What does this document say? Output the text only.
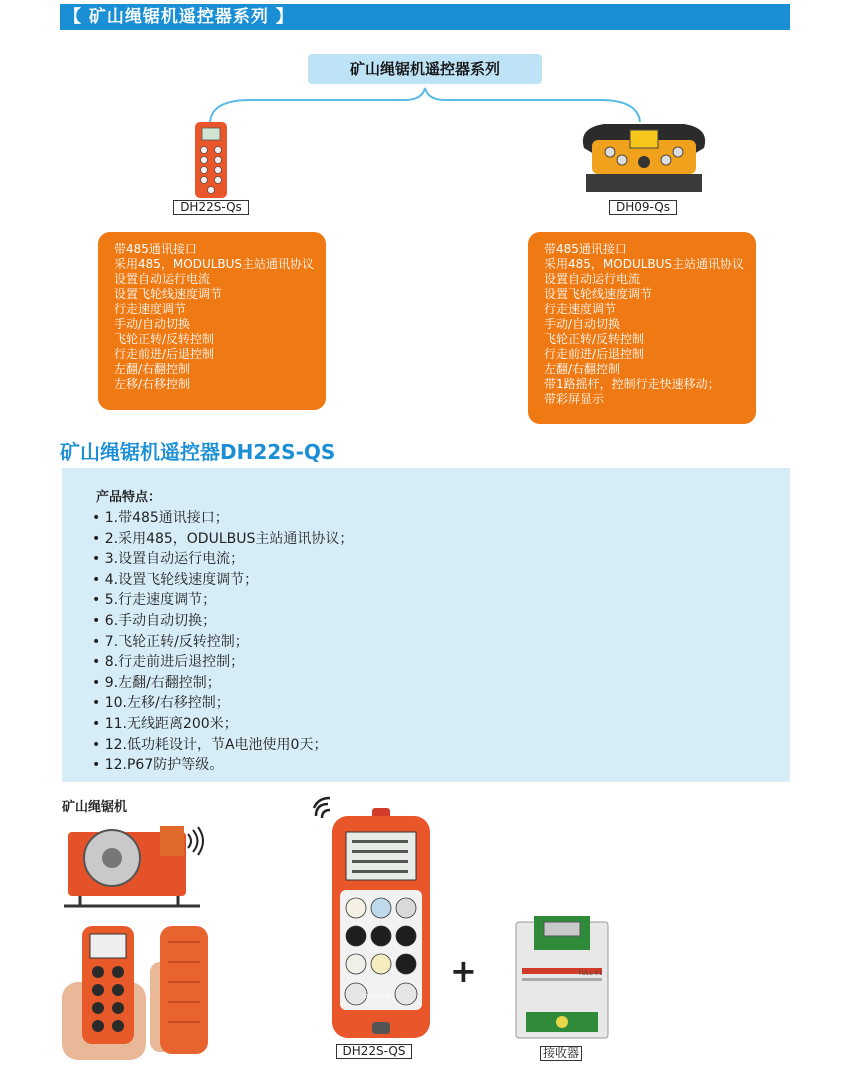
【 矿山绳锯机遥控器系列 】
矿山绳锯机遥控器系列
DH22S-Qs
带485通讯接口
采用485，MODULBUS主站通讯协议
设置自动运行电流
设置飞轮线速度调节
行走速度调节
手动/自动切换
飞轮正转/反转控制
行走前进/后退控制
左翻/右翻控制
左移/右移控制
DH09-Qs
带485通讯接口
采用485，MODULBUS主站通讯协议
设置自动运行电流
设置飞轮线速度调节
行走速度调节
手动/自动切换
飞轮正转/反转控制
行走前进/后退控制
左翻/右翻控制
带1路摇杆，控制行走快速移动；
带彩屏显示
矿山绳锯机遥控器DH22S-QS
产品特点：
• 1.带485通讯接口；
• 2.采用485，ODULBUS主站通讯协议；
• 3.设置自动运行电流；
• 4.设置飞轮线速度调节；
• 5.行走速度调节；
• 6.手动自动切换；
• 7.飞轮正转/反转控制；
• 8.行走前进后退控制；
• 9.左翻/右翻控制；
• 10.左移/右移控制；
• 11.无线距离200米；
• 12.低功耗设计，节A电池使用0天；
• 12.P67防护等级。
矿山绳锯机
DH22S-QS
DH22S-QS
+	TULL-01
接收器
